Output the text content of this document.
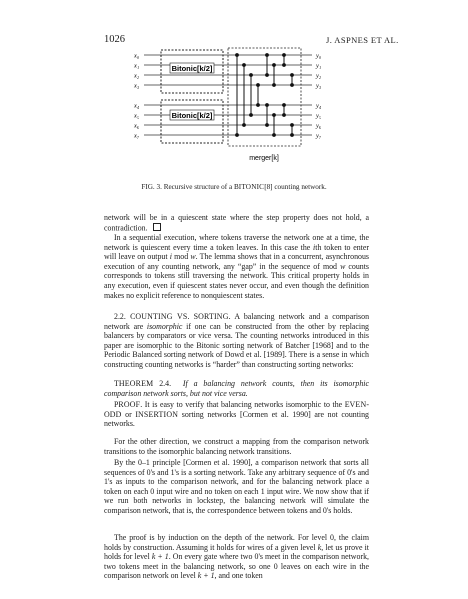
1026	J. ASPNES ET AL.
Bitonic[k/2]
Bitonic[k/2]
merger[k]
x₀	y₀
x₁	y₁
x₂	y₂
x₃	y₃
x₄	y₄
x₅	y₅
x₆	y₆
x₇	y₇
FIG. 3. Recursive structure of a BITONIC[8] counting network.

network will be in a quiescent state where the step property does not hold, a contradiction.

In a sequential execution, where tokens traverse the network one at a time, the network is quiescent every time a token leaves. In this case the ith token to enter will leave on output i mod w. The lemma shows that in a concurrent, asynchronous execution of any counting network, any “gap” in the sequence of mod w counts corresponds to tokens still traversing the network. This critical property holds in any execution, even if quiescent states never occur, and even though the definition makes no explicit reference to nonquiescent states.

2.2. COUNTING VS. SORTING. A balancing network and a comparison network are isomorphic if one can be constructed from the other by replacing balancers by comparators or vice versa. The counting networks introduced in this paper are isomorphic to the Bitonic sorting network of Batcher [1968] and to the Periodic Balanced sorting network of Dowd et al. [1989]. There is a sense in which constructing counting networks is “harder” than constructing sorting networks:

THEOREM 2.4. If a balancing network counts, then its isomorphic comparison network sorts, but not vice versa.

PROOF. It is easy to verify that balancing networks isomorphic to the EVEN-ODD or INSERTION sorting networks [Cormen et al. 1990] are not counting networks.

For the other direction, we construct a mapping from the comparison network transitions to the isomorphic balancing network transitions.

By the 0–1 principle [Cormen et al. 1990], a comparison network that sorts all sequences of 0's and 1's is a sorting network. Take any arbitrary sequence of 0's and 1's as inputs to the comparison network, and for the balancing network place a token on each 0 input wire and no token on each 1 input wire. We now show that if we run both networks in lockstep, the balancing network will simulate the comparison network, that is, the correspondence between tokens and 0's holds.

The proof is by induction on the depth of the network. For level 0, the claim holds by construction. Assuming it holds for wires of a given level k, let us prove it holds for level k + 1. On every gate where two 0's meet in the comparison network, two tokens meet in the balancing network, so one 0 leaves on each wire in the comparison network on level k + 1, and one token
